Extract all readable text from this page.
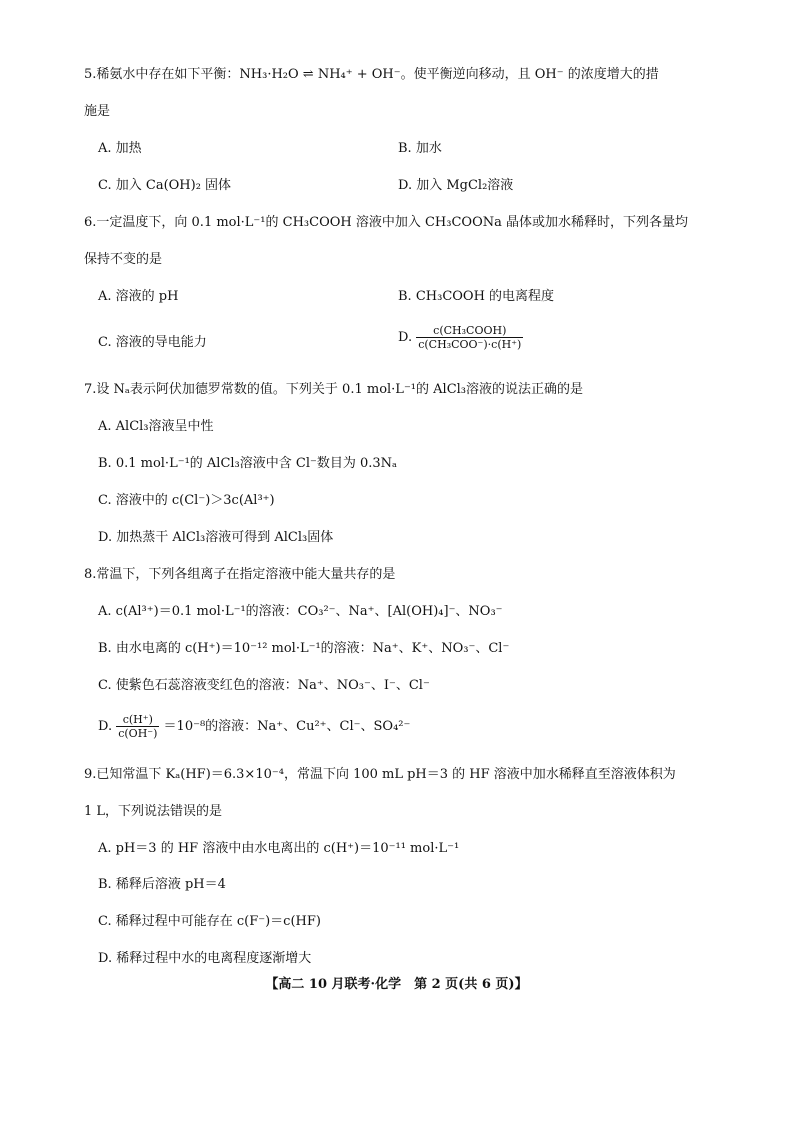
5.稀氨水中存在如下平衡：NH₃·H₂O ⇌ NH₄⁺ + OH⁻。使平衡逆向移动，且 OH⁻ 的浓度增大的措
施是
A. 加热	B. 加水
C. 加入 Ca(OH)₂ 固体	D. 加入 MgCl₂溶液
6.一定温度下，向 0.1 mol·L⁻¹的 CH₃COOH 溶液中加入 CH₃COONa 晶体或加水稀释时，下列各量均
保持不变的是
A. 溶液的 pH	B. CH₃COOH 的电离程度
C. 溶液的导电能力	D. $\frac{\text{c(CH₃COOH)}}{\text{c(CH₃COO⁻)·c(H⁺)}}$
7.设 Nₐ表示阿伏加德罗常数的值。下列关于 0.1 mol·L⁻¹的 AlCl₃溶液的说法正确的是
A. AlCl₃溶液呈中性
B. 0.1 mol·L⁻¹的 AlCl₃溶液中含 Cl⁻数目为 0.3Nₐ
C. 溶液中的 c(Cl⁻)＞3c(Al³⁺)
D. 加热蒸干 AlCl₃溶液可得到 AlCl₃固体
8.常温下，下列各组离子在指定溶液中能大量共存的是
A. c(Al³⁺)＝0.1 mol·L⁻¹的溶液：CO₃²⁻、Na⁺、[Al(OH)₄]⁻、NO₃⁻
B. 由水电离的 c(H⁺)＝10⁻¹² mol·L⁻¹的溶液：Na⁺、K⁺、NO₃⁻、Cl⁻
C. 使紫色石蕊溶液变红色的溶液：Na⁺、NO₃⁻、I⁻、Cl⁻
D. $\frac{c(H^+)}{c(OH^-)} =10^{-8}$的溶液：Na⁺、Cu²⁺、Cl⁻、SO₄²⁻
9.已知常温下 Kₐ(HF)＝6.3×10⁻⁴，常温下向 100 mL pH＝3 的 HF 溶液中加水稀释直至溶液体积为
1 L，下列说法错误的是
A. pH＝3 的 HF 溶液中由水电离出的 c(H⁺)＝10⁻¹¹ mol·L⁻¹
B. 稀释后溶液 pH＝4
C. 稀释过程中可能存在 c(F⁻)＝c(HF)
D. 稀释过程中水的电离程度逐渐增大
【高二 10 月联考·化学　第 2 页(共 6 页)】
